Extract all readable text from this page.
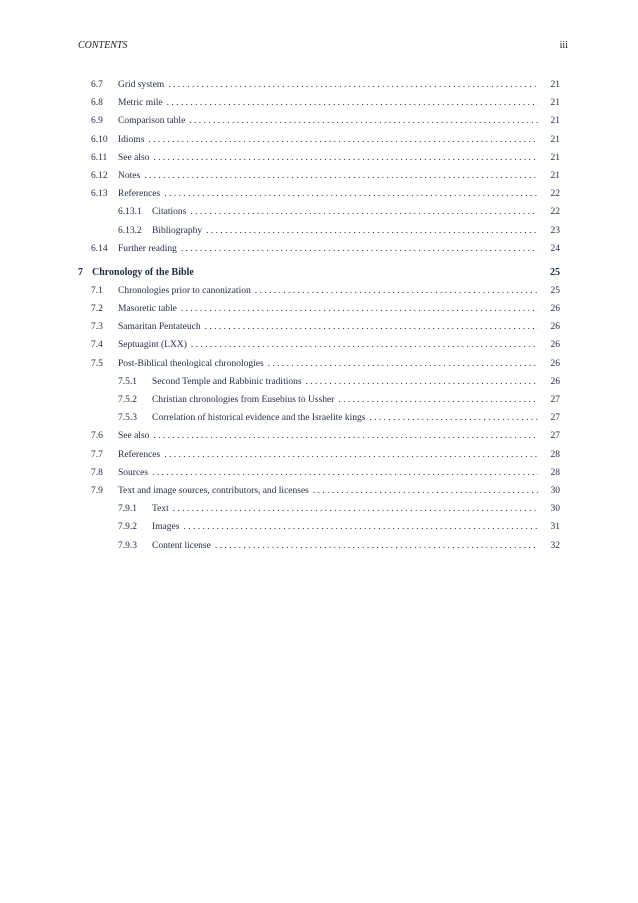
CONTENTS	iii
6.7 Grid system . .	21
6.8 Metric mile . .	21
6.9 Comparison table . .	21
6.10 Idioms . .	21
6.11 See also . .	21
6.12 Notes . .	21
6.13 References . .	22
6.13.1 Citations . .	22
6.13.2 Bibliography . .	23
6.14 Further reading . .	24
7 Chronology of the Bible	25
7.1 Chronologies prior to canonization . .	25
7.2 Masoretic table . .	26
7.3 Samaritan Pentateuch . .	26
7.4 Septuagint (LXX) . .	26
7.5 Post-Biblical theological chronologies . .	26
7.5.1 Second Temple and Rabbinic traditions . .	26
7.5.2 Christian chronologies from Eusebius to Ussher . .	27
7.5.3 Correlation of historical evidence and the Israelite kings . .	27
7.6 See also . .	27
7.7 References . .	28
7.8 Sources . .	28
7.9 Text and image sources, contributors, and licenses . .	30
7.9.1 Text . .	30
7.9.2 Images . .	31
7.9.3 Content license . .	32
